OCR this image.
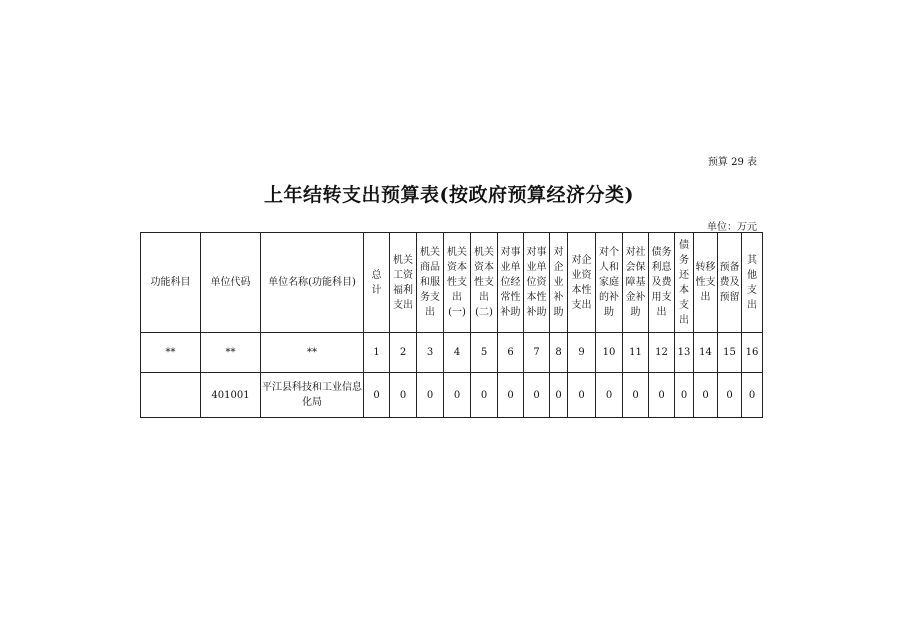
预算 29 表
上年结转支出预算表(按政府预算经济分类)
单位：万元
功能科目	单位代码	单位名称(功能科目)	总计	机关工资福利支出	机关商品和服务支出	机关资本性支出(一)	机关资本性支出(二)	对事业单位经常性补助	对事业单位资本性补助	对企业补助	对企业资本性支出	对个人和家庭的补助	对社会保障基金补助	债务利息及费用支出	债务还本支出	转移性支出	预备费及预留	其他支出
**	**	**	1	2	3	4	5	6	7	8	9	10	11	12	13	14	15	16
	401001	平江县科技和工业信息化局	0	0	0	0	0	0	0	0	0	0	0	0	0	0	0	0
